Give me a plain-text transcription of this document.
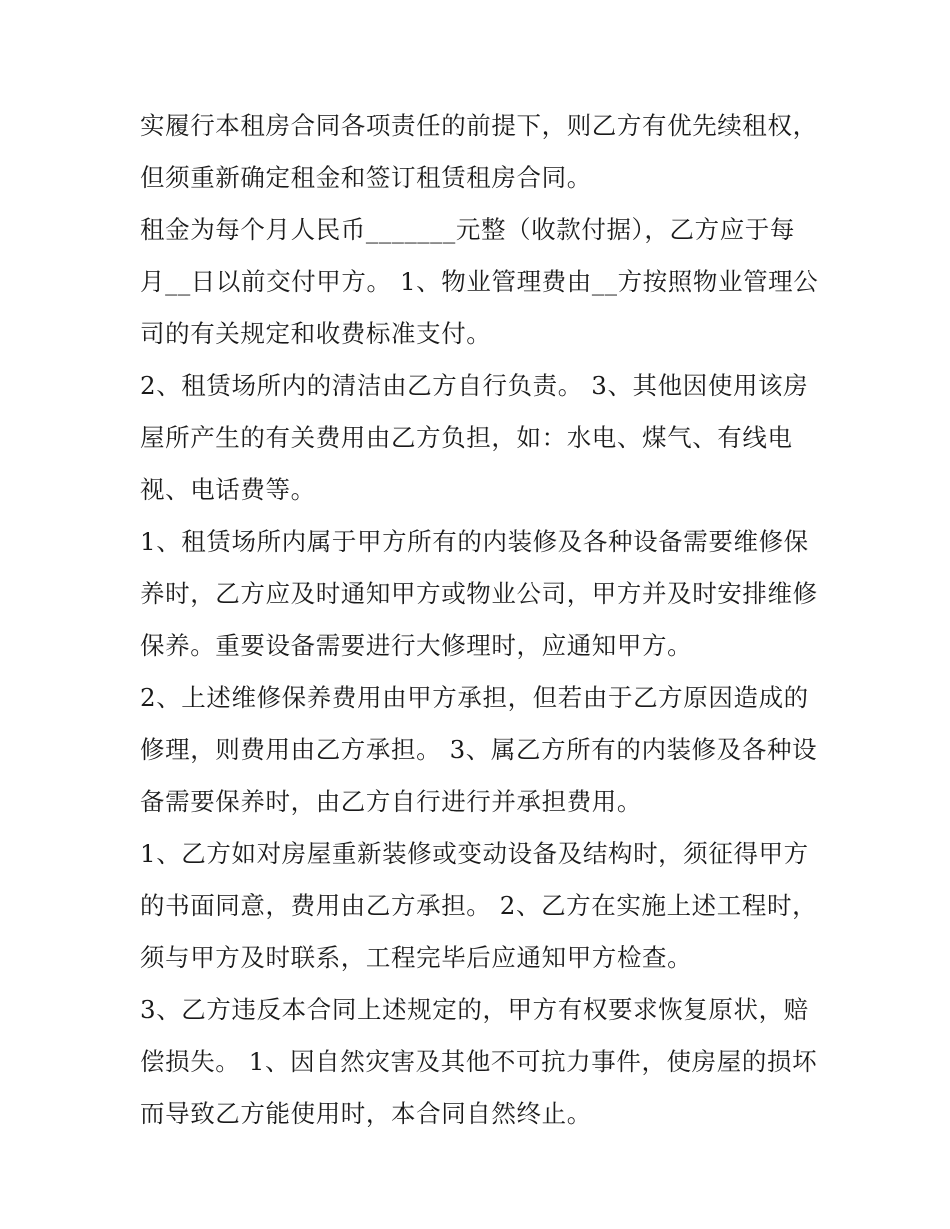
实履行本租房合同各项责任的前提下，则乙方有优先续租权，
但须重新确定租金和签订租赁租房合同。

租金为每个月人民币_______元整（收款付据），乙方应于每
月__日以前交付甲方。 1、物业管理费由__方按照物业管理公
司的有关规定和收费标准支付。

2、租赁场所内的清洁由乙方自行负责。 3、其他因使用该房
屋所产生的有关费用由乙方负担，如：水电、煤气、有线电
视、电话费等。

1、租赁场所内属于甲方所有的内装修及各种设备需要维修保
养时，乙方应及时通知甲方或物业公司，甲方并及时安排维修
保养。重要设备需要进行大修理时，应通知甲方。

2、上述维修保养费用由甲方承担，但若由于乙方原因造成的
修理，则费用由乙方承担。 3、属乙方所有的内装修及各种设
备需要保养时，由乙方自行进行并承担费用。

1、乙方如对房屋重新装修或变动设备及结构时，须征得甲方
的书面同意，费用由乙方承担。 2、乙方在实施上述工程时，
须与甲方及时联系，工程完毕后应通知甲方检查。

3、乙方违反本合同上述规定的，甲方有权要求恢复原状，赔
偿损失。 1、因自然灾害及其他不可抗力事件，使房屋的损坏
而导致乙方能使用时，本合同自然终止。
